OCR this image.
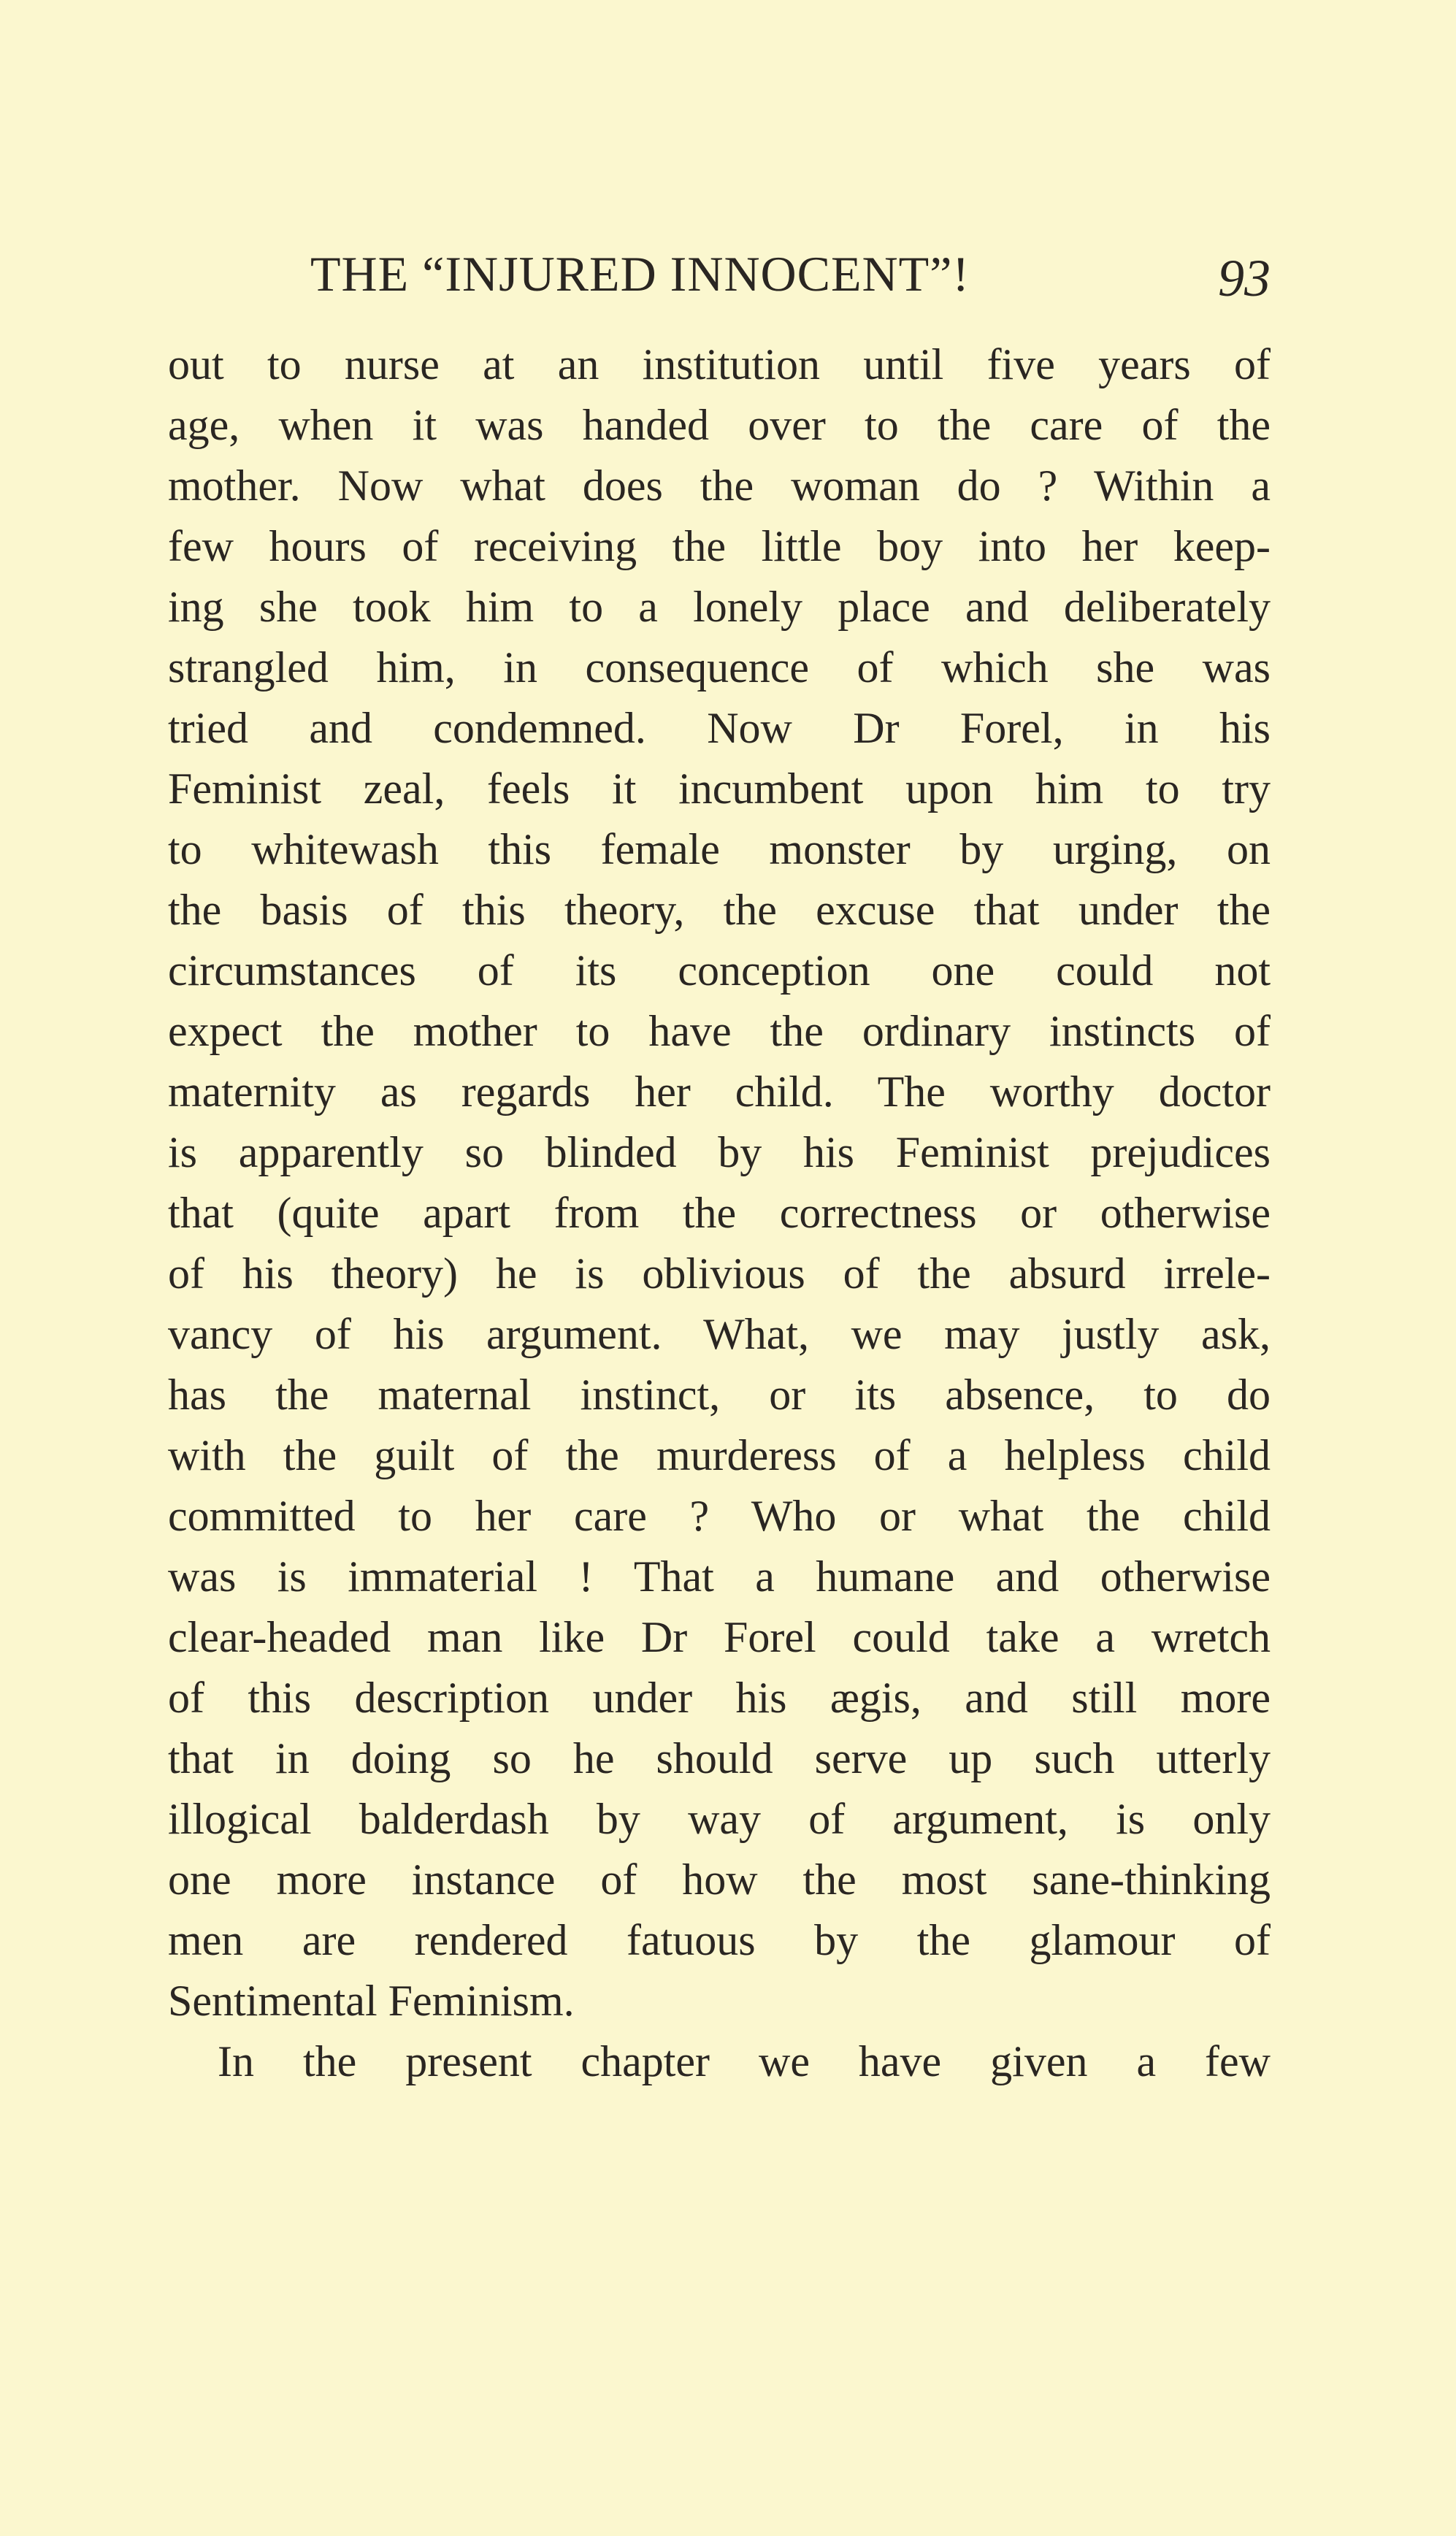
THE “INJURED INNOCENT”!	93
out to nurse at an institution until five years of
age, when it was handed over to the care of the
mother. Now what does the woman do ? Within a
few hours of receiving the little boy into her keep-
ing she took him to a lonely place and deliberately
strangled him, in consequence of which she was
tried and condemned. Now Dr Forel, in his
Feminist zeal, feels it incumbent upon him to try
to whitewash this female monster by urging, on
the basis of this theory, the excuse that under the
circumstances of its conception one could not
expect the mother to have the ordinary instincts of
maternity as regards her child. The worthy doctor
is apparently so blinded by his Feminist prejudices
that (quite apart from the correctness or otherwise
of his theory) he is oblivious of the absurd irrele-
vancy of his argument. What, we may justly ask,
has the maternal instinct, or its absence, to do
with the guilt of the murderess of a helpless child
committed to her care ? Who or what the child
was is immaterial ! That a humane and otherwise
clear-headed man like Dr Forel could take a wretch
of this description under his ægis, and still more
that in doing so he should serve up such utterly
illogical balderdash by way of argument, is only
one more instance of how the most sane-thinking
men are rendered fatuous by the glamour of
Sentimental Feminism.
In the present chapter we have given a few
